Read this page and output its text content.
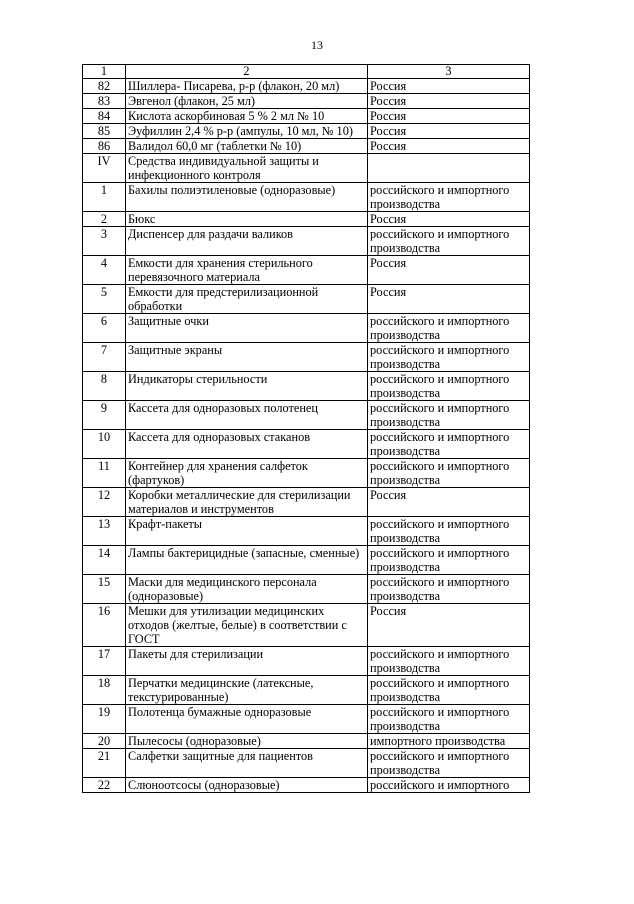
13
1	2	3
82	Шиллера- Писарева, р-р (флакон, 20 мл)	Россия
83	Эвгенол (флакон, 25 мл)	Россия
84	Кислота аскорбиновая 5 % 2 мл № 10	Россия
85	Эуфиллин 2,4 % р-р (ампулы, 10 мл, № 10)	Россия
86	Валидол 60,0 мг (таблетки № 10)	Россия
IV	Средства индивидуальной защиты и инфекционного контроля	
1	Бахилы полиэтиленовые (одноразовые)	российского и импортного производства
2	Бюкс	Россия
3	Диспенсер для раздачи валиков	российского и импортного производства
4	Емкости для хранения стерильного перевязочного материала	Россия
5	Емкости для предстерилизационной обработки	Россия
6	Защитные очки	российского и импортного производства
7	Защитные экраны	российского и импортного производства
8	Индикаторы стерильности	российского и импортного производства
9	Кассета для одноразовых полотенец	российского и импортного производства
10	Кассета для одноразовых стаканов	российского и импортного производства
11	Контейнер для хранения салфеток (фартуков)	российского и импортного производства
12	Коробки металлические для стерилизации материалов и инструментов	Россия
13	Крафт-пакеты	российского и импортного производства
14	Лампы бактерицидные (запасные, сменные)	российского и импортного производства
15	Маски для медицинского персонала (одноразовые)	российского и импортного производства
16	Мешки для утилизации медицинских отходов (желтые, белые) в соответствии с ГОСТ	Россия
17	Пакеты для стерилизации	российского и импортного производства
18	Перчатки медицинские (латексные, текстурированные)	российского и импортного производства
19	Полотенца бумажные одноразовые	российского и импортного производства
20	Пылесосы (одноразовые)	импортного производства
21	Салфетки защитные для пациентов	российского и импортного производства
22	Слюноотсосы (одноразовые)	российского и импортного
